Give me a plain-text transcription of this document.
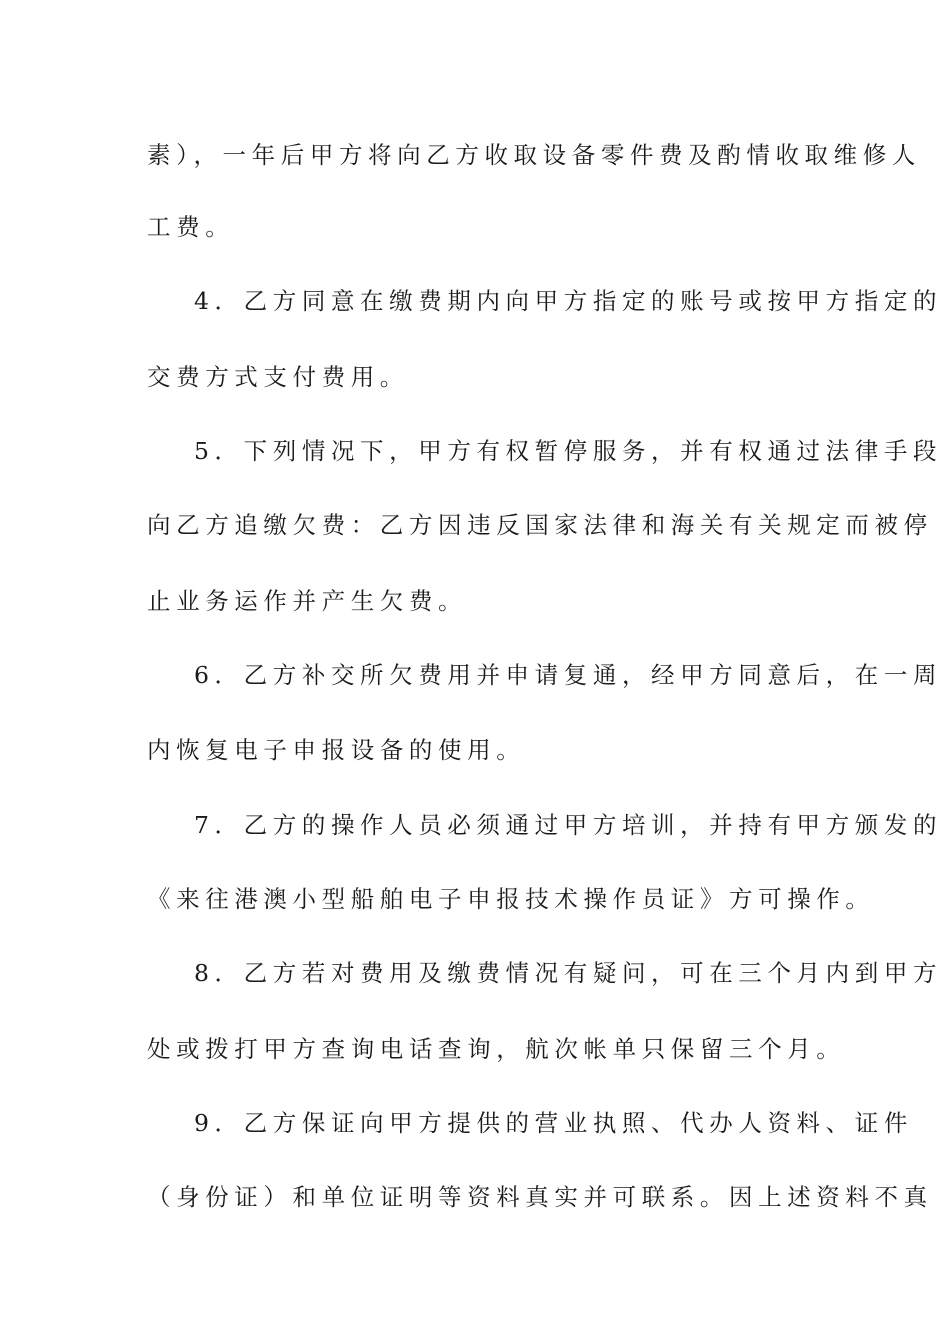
素），一年后甲方将向乙方收取设备零件费及酌情收取维修人
工费。
4．乙方同意在缴费期内向甲方指定的账号或按甲方指定的
交费方式支付费用。
5．下列情况下，甲方有权暂停服务，并有权通过法律手段
向乙方追缴欠费：乙方因违反国家法律和海关有关规定而被停
止业务运作并产生欠费。
6．乙方补交所欠费用并申请复通，经甲方同意后，在一周
内恢复电子申报设备的使用。
7．乙方的操作人员必须通过甲方培训，并持有甲方颁发的
《来往港澳小型船舶电子申报技术操作员证》方可操作。
8．乙方若对费用及缴费情况有疑问，可在三个月内到甲方
处或拨打甲方查询电话查询，航次帐单只保留三个月。
9．乙方保证向甲方提供的营业执照、代办人资料、证件
（身份证）和单位证明等资料真实并可联系。因上述资料不真
